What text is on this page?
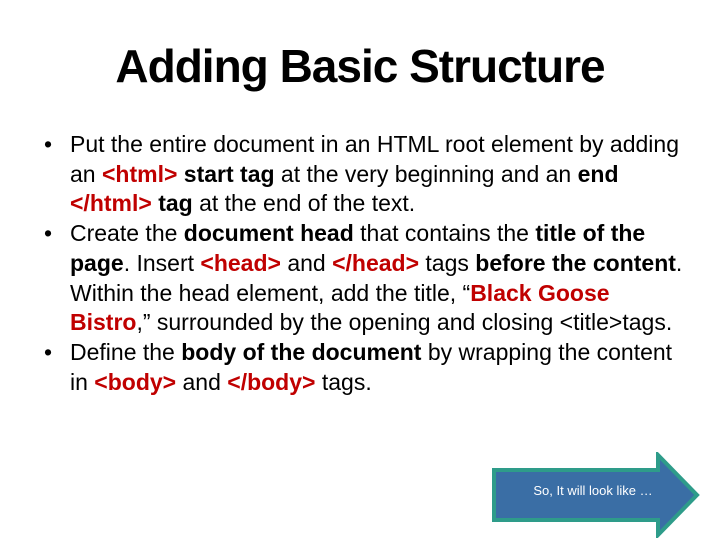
Adding Basic Structure
• Put the entire document in an HTML root element by adding an <html> start tag at the very beginning and an end </html> tag at the end of the text.
• Create the document head that contains the title of the page. Insert <head> and </head> tags before the content. Within the head element, add the title, “Black Goose Bistro,” surrounded by the opening and closing <title>tags.
• Define the body of the document by wrapping the content in <body> and </body> tags.
So, It will look like …
